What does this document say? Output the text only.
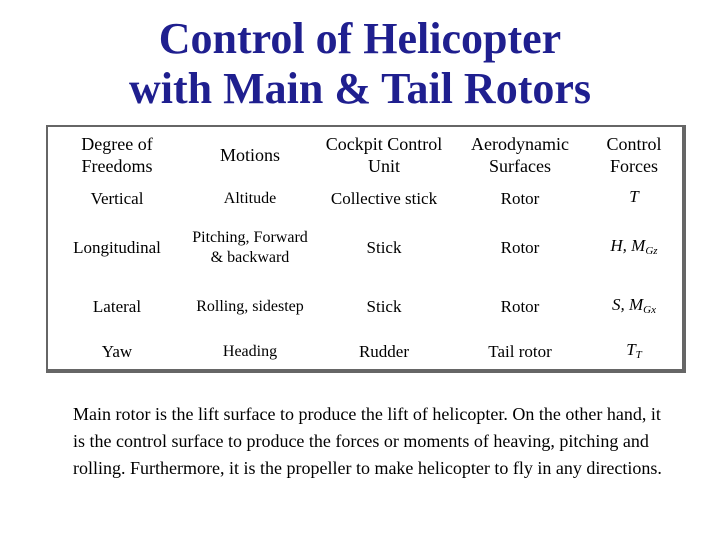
Control of Helicopter
with Main & Tail Rotors
Degree of Freedoms	Motions	Cockpit Control Unit	Aerodynamic Surfaces	Control Forces
Vertical	Altitude	Collective stick	Rotor	T
Longitudinal	Pitching, Forward & backward	Stick	Rotor	H, $M_{Gz}$
Lateral	Rolling, sidestep	Stick	Rotor	S, $M_{Gx}$
Yaw	Heading	Rudder	Tail rotor	$T_T$
Main rotor is the lift surface to produce the lift of helicopter. On the other hand, it is the control surface to produce the forces or moments of heaving, pitching and rolling. Furthermore, it is the propeller to make helicopter to fly in any directions.
